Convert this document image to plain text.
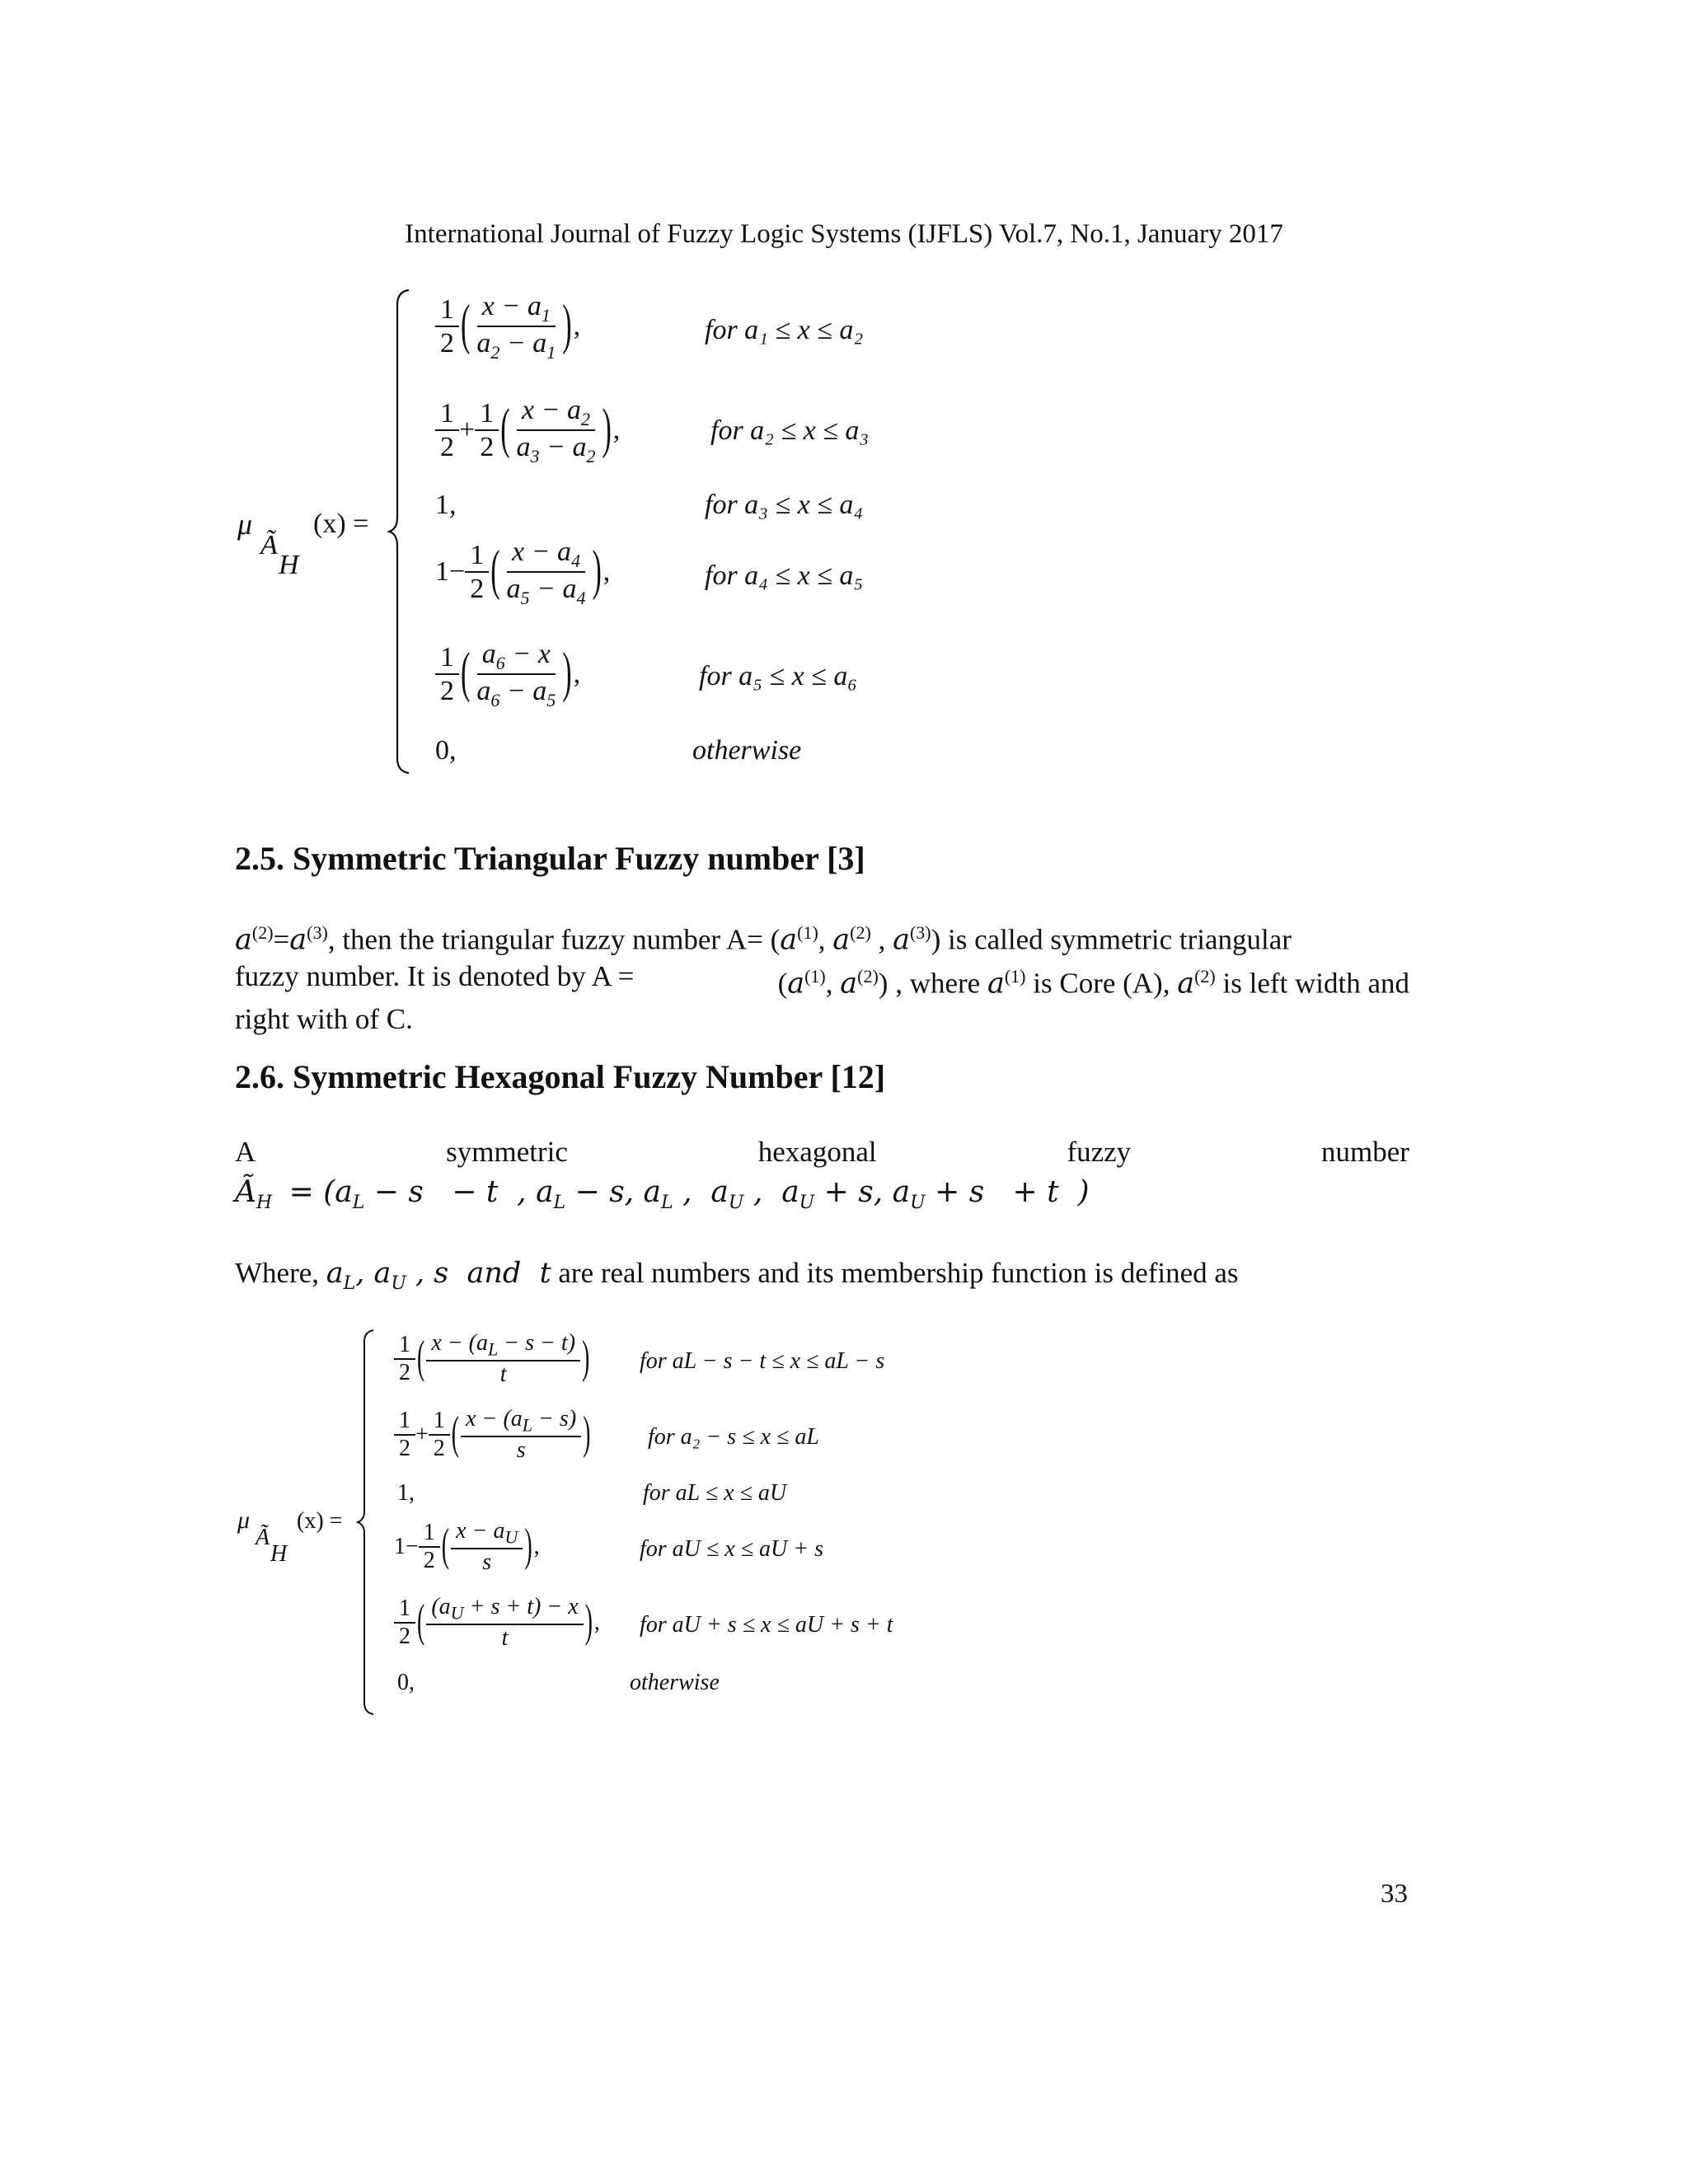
International Journal of Fuzzy Logic Systems (IJFLS) Vol.7, No.1, January 2017
μ
Ã
H
(x) =
$\frac{1}{2}$ ( $\frac{x - a_1}{a_2 - a_1}$ ) ,	for a₁ ≤ x ≤ a₂
$\frac{1}{2} + \frac{1}{2}$ ( $\frac{x - a_2}{a_3 - a_2}$ ) ,	for a₂ ≤ x ≤ a₃
1,	for a₃ ≤ x ≤ a₄
$1- \frac{1}{2}$ ( $\frac{x - a_4}{a_5 - a_4}$ ) ,	for a₄ ≤ x ≤ a₅
$\frac{1}{2}$ ( $\frac{a_6 - x}{a_6 - a_5}$ ) ,	for a₅ ≤ x ≤ a₆
0,	otherwise
2.5. Symmetric Triangular Fuzzy number [3]
$a^{(2)}=a^{(3)}$, then the triangular fuzzy number $A= (a^{(1)}$, $a^{(2)}$ , $a^{(3)}$) is called symmetric triangular
fuzzy number. It is denoted by A =	($a^{(1)}$, $a^{(2)}$) , where $a^{(1)}$ is Core (A), $a^{(2)}$ is left width and
right with of C.
2.6. Symmetric Hexagonal Fuzzy Number [12]
A	symmetric	hexagonal	fuzzy	number
$Ã_H = (a_L - s - t$  , $a_L - s$, $a_L$ ,  $a_U$ ,  $a_U + s$, $a_U + s + t$  )
Where, $a_L$, $a_U$ , s  and  t are real numbers and its membership function is defined as
μ
Ã
H
(x) =
$\frac{1}{2}$ ( $\frac{x - (a_L - s - t)}{t}$ ) for aL − s − t ≤ x ≤ aL − s
$\frac{1}{2} + \frac{1}{2}$ ( $\frac{x - (a_L - s)}{s}$ ) for a₂ − s ≤ x ≤ aL
1,	for aL ≤ x ≤ aU
$1- \frac{1}{2}$ ( $\frac{x - a_U}{s}$ ) ,	for aU ≤ x ≤ aU + s
$\frac{1}{2}$ ( $\frac{(a_U + s + t) - x}{t}$ ) , for aU + s ≤ x ≤ aU + s + t
0,	otherwise
33
